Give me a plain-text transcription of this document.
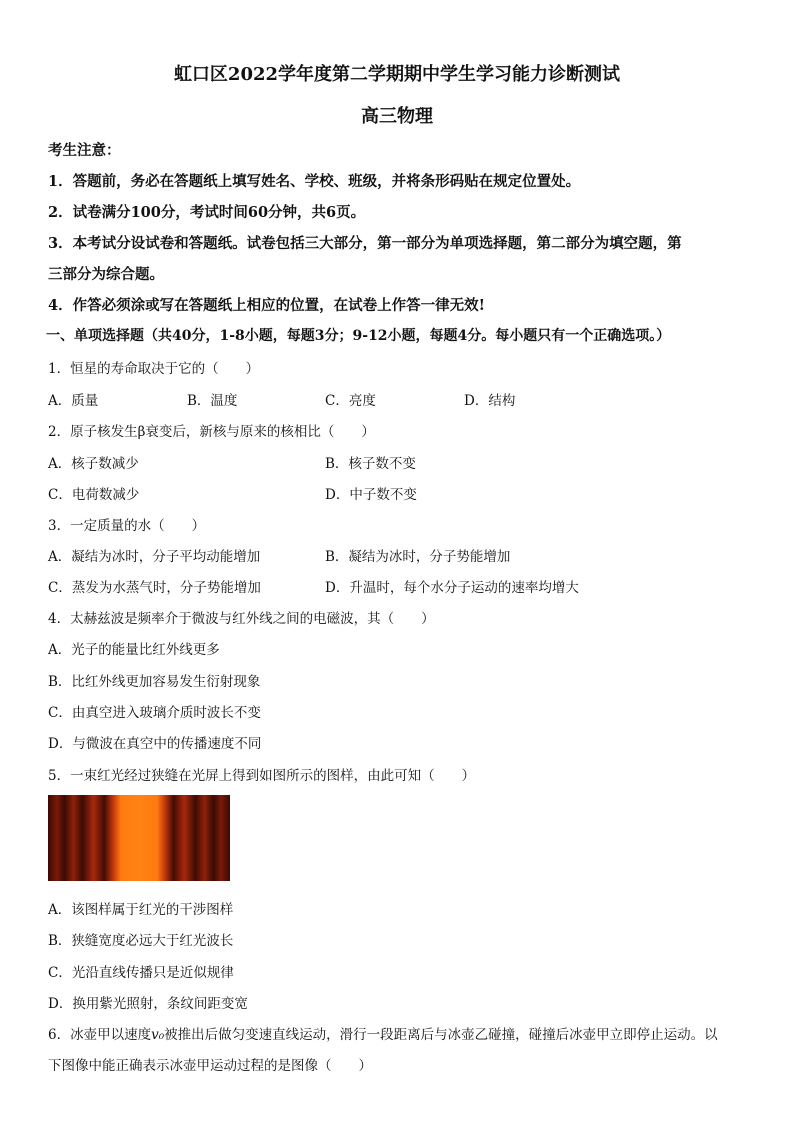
虹口区2022学年度第二学期期中学生学习能力诊断测试
高三物理
考生注意：
1．答题前，务必在答题纸上填写姓名、学校、班级，并将条形码贴在规定位置处。
2．试卷满分100分，考试时间60分钟，共6页。
3．本考试分设试卷和答题纸。试卷包括三大部分，第一部分为单项选择题，第二部分为填空题，第
三部分为综合题。
4．作答必须涂或写在答题纸上相应的位置，在试卷上作答一律无效!
一、单项选择题（共40分，1-8小题，每题3分；9-12小题，每题4分。每小题只有一个正确选项。）
1．恒星的寿命取决于它的（　　）
A．质量	B．温度	C．亮度	D．结构
2．原子核发生β衰变后，新核与原来的核相比（　　）
A．核子数减少	B．核子数不变
C．电荷数减少	D．中子数不变
3．一定质量的水（　　）
A．凝结为冰时，分子平均动能增加	B．凝结为冰时，分子势能增加
C．蒸发为水蒸气时，分子势能增加	D．升温时，每个水分子运动的速率均增大
4．太赫兹波是频率介于微波与红外线之间的电磁波，其（　　）
A．光子的能量比红外线更多
B．比红外线更加容易发生衍射现象
C．由真空进入玻璃介质时波长不变
D．与微波在真空中的传播速度不同
5．一束红光经过狭缝在光屏上得到如图所示的图样，由此可知（　　）
A．该图样属于红光的干涉图样
B．狭缝宽度必远大于红光波长
C．光沿直线传播只是近似规律
D．换用紫光照射，条纹间距变宽
6．冰壶甲以速度v₀被推出后做匀变速直线运动，滑行一段距离后与冰壶乙碰撞，碰撞后冰壶甲立即停止运动。以
下图像中能正确表示冰壶甲运动过程的是图像（　　）
